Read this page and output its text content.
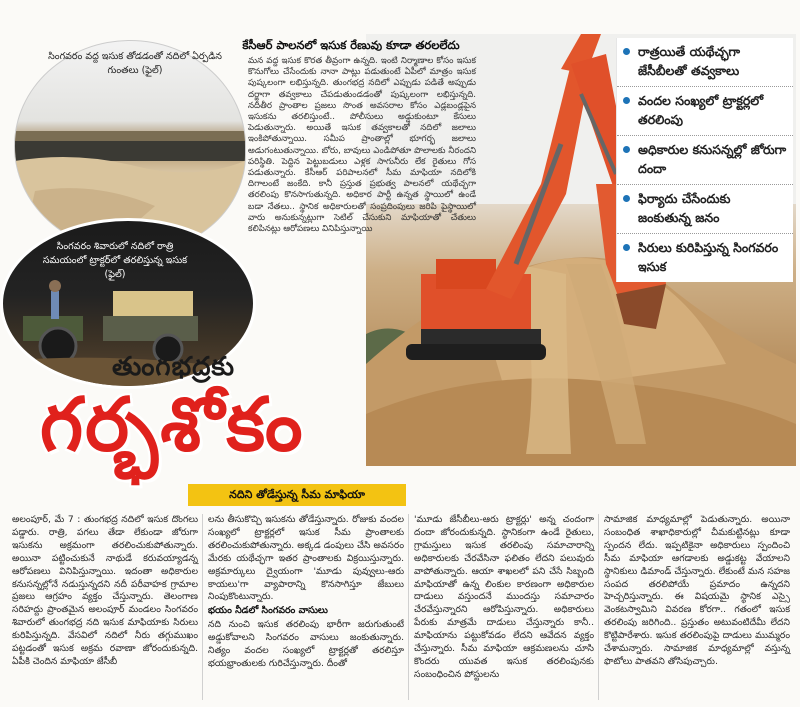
సింగవరం వద్ద ఇసుక తోడడంతో నదిలో ఏర్పడిన గుంతలు (ఫైల్)
సింగవరం శివారులో నదిలో రాత్రి సమయంలో ట్రాక్టర్‌లో తరలిస్తున్న ఇసుక (ఫైల్)
కేసీఆర్ పాలనలో ఇసుక రేణువు కూడా తరలలేదు
మన వద్ద ఇసుక కొరత తీవ్రంగా ఉన్నది. ఇంటి నిర్మాణాల కోసం ఇసుక కొనుగోలు చేసేందుకు నానా పాట్లు పడుతుంటే ఏపీలో మాత్రం ఇసుక పుష్కలంగా లభిస్తున్నది. తుంగభద్ర నదిలో ఎప్పుడు పడితే అప్పుడు దర్జాగా తవ్వకాలు చేపడుతుండడంతో పుష్కలంగా లభిస్తున్నది. నదీతీర ప్రాంతాల ప్రజలు సొంత అవసరాల కోసం ఎడ్లబండ్లపైన ఇసుకను తరలిస్తుంటే.. పోలీసులు అడ్డుకుంటూ కేసులు పెడుతున్నారు. అయితే ఇసుక తవ్వకాలతో నదిలో జలాలు ఇంకిపోతున్నాయి. సమీప ప్రాంతాల్లో భూగర్భ జలాలు అడుగంటుతున్నాయి. బోరు, బావులు ఎండిపోతూ పొలాలకు నీరందని పరిస్థితి. పెద్దిన పెట్టుబడులు ఎళ్లక సాగునీరు లేక రైతులు గోస పడుతున్నారు. కేసీఆర్ పరిపాలనలో సీమ మాఫియా నదిలోకి దిగాలంటే జంకేది. కానీ ప్రస్తుత ప్రభుత్వ పాలనలో యథేచ్ఛగా తరలింపు కొనసాగుతున్నది. అధికార పార్టీ ఉన్నత స్థాయిలో ఉండే బడా నేతలు.. స్థానిక అధికారులతో సంప్రదింపులు జరిపి పైస్థాయిలో వారు అనుకున్నట్లుగా సెటిల్ చేసుకుని మాఫియాతో చేతులు కలిపినట్లు ఆరోపణలు వినిపిస్తున్నాయి
రాత్రయితే యథేచ్ఛగా జేసీబీలతో తవ్వకాలు
వందల సంఖ్యలో ట్రాక్టర్లలో తరలింపు
అధికారుల కనుసన్నల్లో జోరుగా దందా
ఫిర్యాదు చేసేందుకు జంకుతున్న జనం
సిరులు కురిపిస్తున్న సింగవరం ఇసుక
తుంగభద్రకు
గర్భశోకం
నదిని తోడేస్తున్న సీమ మాఫియా
అలంపూర్, మే 7 : తుంగభద్ర నదిలో ఇసుక దొంగలు పడ్డారు. రాత్రి, పగలు తేడా లేకుండా జోరుగా ఇసుకను అక్రమంగా తరలించుకుపోతున్నారు. అయినా పట్టించుకునే నాథుడే కరువయ్యాడన్న ఆరోపణలు వినిపిస్తున్నాయి. ఇదంతా అధికారుల కనుసన్నల్లోనే నడుస్తున్నదని నదీ పరీవాహక గ్రామాల ప్రజలు ఆగ్రహం వ్యక్తం చేస్తున్నారు. తెలంగాణ సరిహద్దు ప్రాంతమైన అలంపూర్ మండలం సింగవరం శివారులో తుంగభద్ర నది ఇసుక మాఫియాకు సిరులు కురిపిస్తున్నది. వేసవిలో నదిలో నీరు తగ్గుముఖం పట్టడంతో ఇసుక అక్రమ రవాణా జోరందుకున్నది. ఏపీకి చెందిన మాఫియా జేసీబీ
లను తీసుకొచ్చి ఇసుకను తోడేస్తున్నారు. రోజుకు వందల సంఖ్యలో ట్రాక్టర్లలో ఇసుక సీమ ప్రాంతాలకు తరలించుకుపోతున్నారు. అక్కడ డంపులు చేసి అవసరం మేరకు యథేచ్ఛగా ఇతర ప్రాంతాలకు విక్రయిస్తున్నారు. అక్రమార్కులు ద్వైయంగా 'మూడు పువ్వులు-ఆరు కాయలు'గా వ్యాపారాన్ని కొనసాగిస్తూ జేబులు నింపుకొంటున్నారు.
భయం నీడలో సింగవరం వాసులు
నది నుంచి ఇసుక తరలింపు భారీగా జరుగుతుంటే అడ్డుకోవాలని సింగవరం వాసులు జంకుతున్నారు. నిత్యం వందల సంఖ్యలో ట్రాక్టర్లతో తరలిస్తూ భయభ్రాంతులకు గురిచేస్తున్నారు. దీంతో
'మూడు జేసీబీలు-ఆరు ట్రాక్టర్లు' అన్న చందంగా దందా జోరందుకున్నది. స్థానికంగా ఉండే రైతులు, గ్రామస్తులు ఇసుక తరలింపు సమాచారాన్ని అధికారులకు చేరవేసినా ఫలితం లేదని పలువురు వాపోతున్నారు. ఆయా శాఖలలో పని చేసే సిబ్బంది మాఫియాతో ఉన్న లింకుల కారణంగా అధికారుల దాడులు వస్తుందనే ముందస్తు సమాచారం చేరవేస్తున్నారని ఆరోపిస్తున్నారు. అధికారులు పేరుకు మాత్రమే దాడులు చేస్తున్నారు కానీ.. మాఫియాను పట్టుకోవడం లేదని ఆవేదన వ్యక్తం చేస్తున్నారు. సీమ మాఫియా ఆక్రమణలను చూసి కొందరు యువత ఇసుక తరలింపునకు సంబంధించిన పోస్టులను
సామాజిక మాధ్యమాల్లో పెడుతున్నారు. అయినా సంబంధిత శాఖాధికారుల్లో చీమకుట్టినట్లు కూడా స్పందన లేదు. ఇప్పటికైనా అధికారులు స్పందించి సీమ మాఫియా ఆగడాలకు అడ్డుకట్ట వేయాలని స్థానికులు డిమాండ్ చేస్తున్నారు. లేకుంటే మన సహజ సంపద తరలిపోయే ప్రమాదం ఉన్నదని హెచ్చరిస్తున్నారు. ఈ విషయమై స్థానిక ఎస్సై వెంకటస్వామిని వివరణ కోరగా.. గతంలో ఇసుక తరలింపు జరిగింది.. ప్రస్తుతం అటువంటిదేమీ లేదని కొట్టిపారేశారు. ఇసుక తరలింపుపై దాడులు ముమ్మరం చేశామన్నారు. సామాజిక మాధ్యమాల్లో వస్తున్న ఫొటోలు పాతవని తోసిపుచ్చారు.
